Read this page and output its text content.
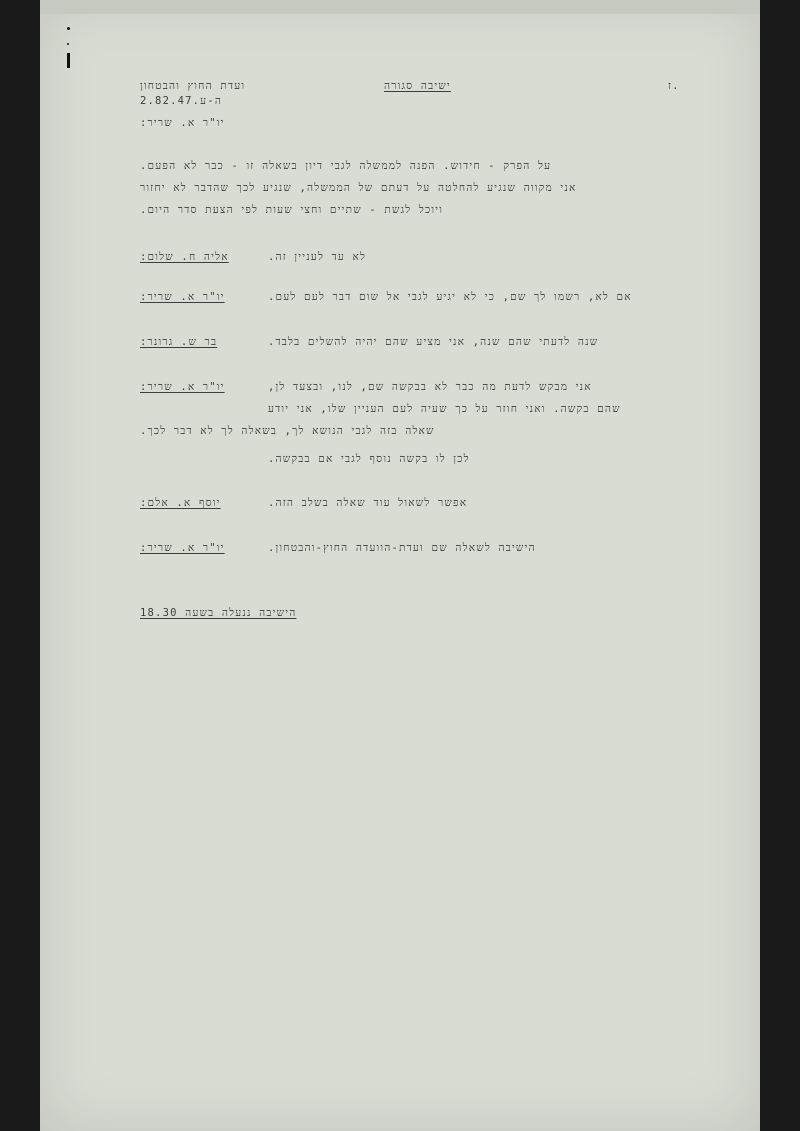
ועדת החוץ והבטחון	ישיבה סגורה	.ז
ה-ע.2.82.47
יו"ר א. שריר:
על הפרק - חידוש. הפנה לממשלה לגבי דיון בשאלה זו - כבר לא הפעם.
אני מקווה שנגיע להחלטה על דעתם של הממשלה, שנגיע לכך שהדבר לא יחזור
ויוכל לגשת - שתיים וחצי שעות לפי הצעת סדר היום.
אליה ח. שלום:	לא עד לעניין זה.
יו"ר א. שריר:	אם לא, רשמו לך שם, כי לא יגיע לגבי אל שום דבר לעם לעם.
בר ש. גרונר:	שנה לדעתי שהם שנה, אני מציע שהם יהיה להשלים בלבד.
יו"ר א. שריר:	אני מבקש לדעת מה כבר לא בבקשה שם, לנו, ובצעד לן,
שהם בקשה. ואני חוזר על כך שעיה לעם העניין שלו, אני יודע
שאלה בזה לגבי הנושא לך, בשאלה לך לא דבר לכך.
לכן לו בקשה נוסף לגבי אם בבקשה.
יוסף א. אלם:	אפשר לשאול עוד שאלה בשלב הזה.
יו"ר א. שריר:	הישיבה לשאלה שם ועדת-הוועדה החוץ-והבטחון.
הישיבה ננעלה בשעה 18.30
